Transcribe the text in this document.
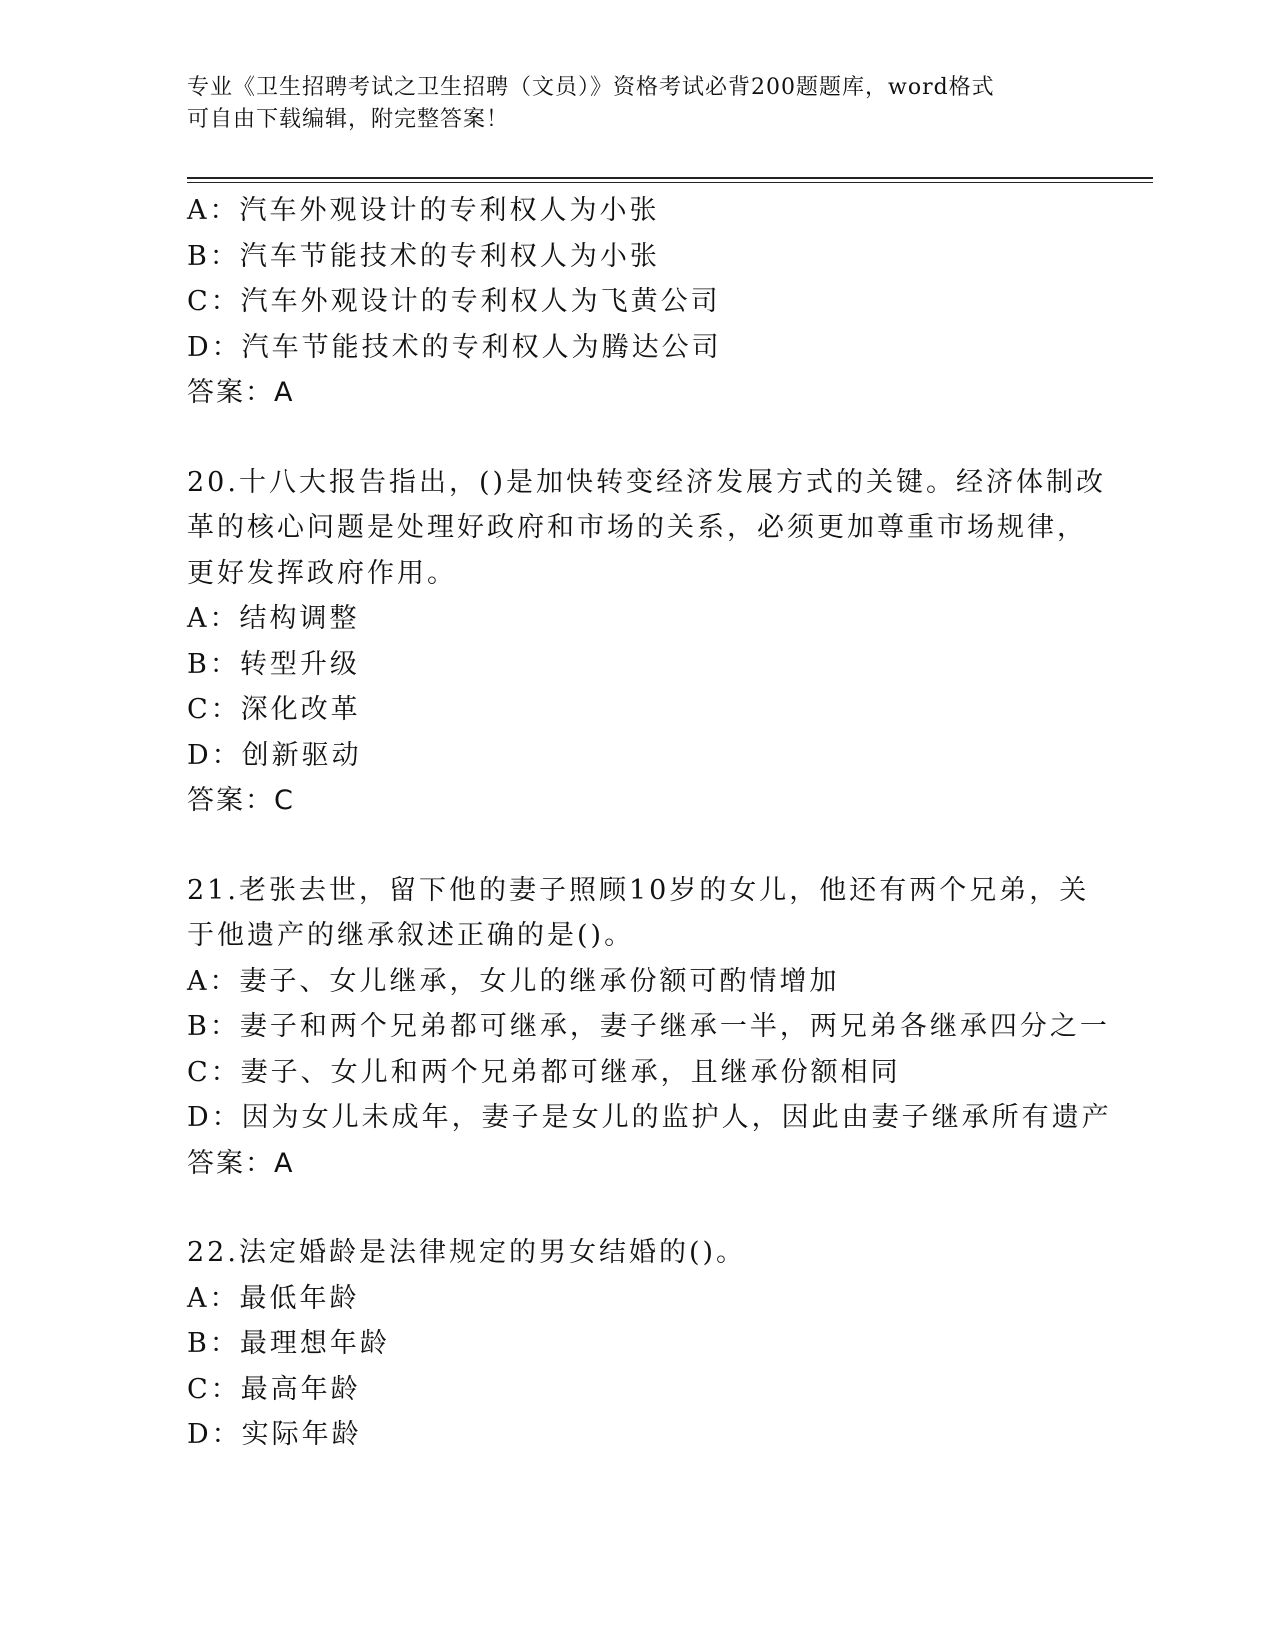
专业《卫生招聘考试之卫生招聘（文员）》资格考试必背200题题库，word格式
可自由下载编辑，附完整答案！
A：汽车外观设计的专利权人为小张
B：汽车节能技术的专利权人为小张
C：汽车外观设计的专利权人为飞黄公司
D：汽车节能技术的专利权人为腾达公司
答案：A
20.十八大报告指出，()是加快转变经济发展方式的关键。经济体制改
革的核心问题是处理好政府和市场的关系，必须更加尊重市场规律，
更好发挥政府作用。
A：结构调整
B：转型升级
C：深化改革
D：创新驱动
答案：C
21.老张去世，留下他的妻子照顾10岁的女儿，他还有两个兄弟，关
于他遗产的继承叙述正确的是()。
A：妻子、女儿继承，女儿的继承份额可酌情增加
B：妻子和两个兄弟都可继承，妻子继承一半，两兄弟各继承四分之一
C：妻子、女儿和两个兄弟都可继承，且继承份额相同
D：因为女儿未成年，妻子是女儿的监护人，因此由妻子继承所有遗产
答案：A
22.法定婚龄是法律规定的男女结婚的()。
A：最低年龄
B：最理想年龄
C：最高年龄
D：实际年龄
